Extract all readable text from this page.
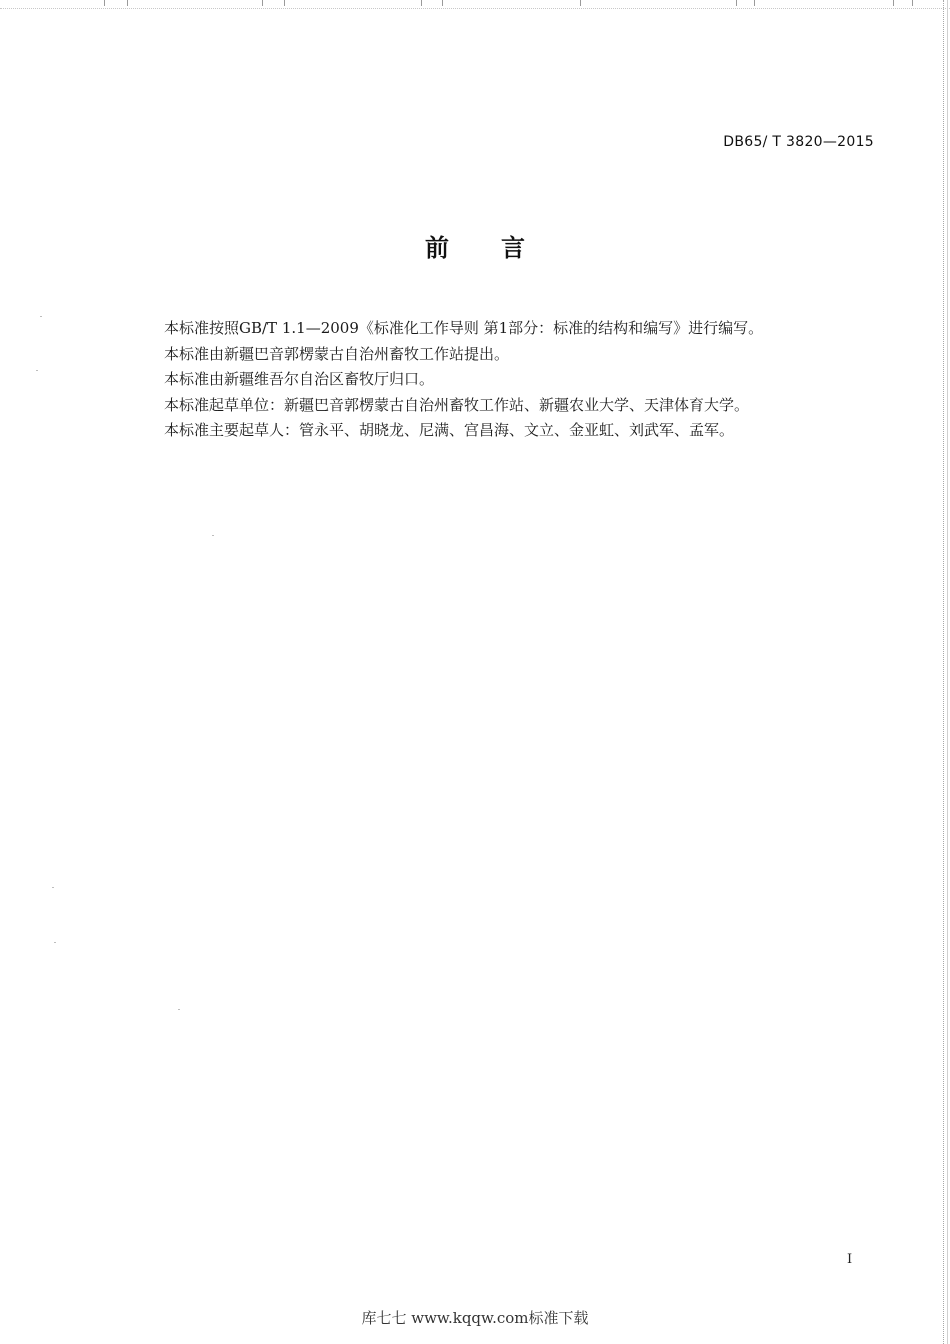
DB65/ T 3820—2015
前 言

本标准按照GB/T 1.1—2009《标准化工作导则 第1部分：标准的结构和编写》进行编写。

本标准由新疆巴音郭楞蒙古自治州畜牧工作站提出。

本标准由新疆维吾尔自治区畜牧厅归口。

本标准起草单位：新疆巴音郭楞蒙古自治州畜牧工作站、新疆农业大学、天津体育大学。

本标准主要起草人：管永平、胡晓龙、尼满、宫昌海、文立、金亚虹、刘武军、孟军。

I
库七七 www.kqqw.com标准下载
